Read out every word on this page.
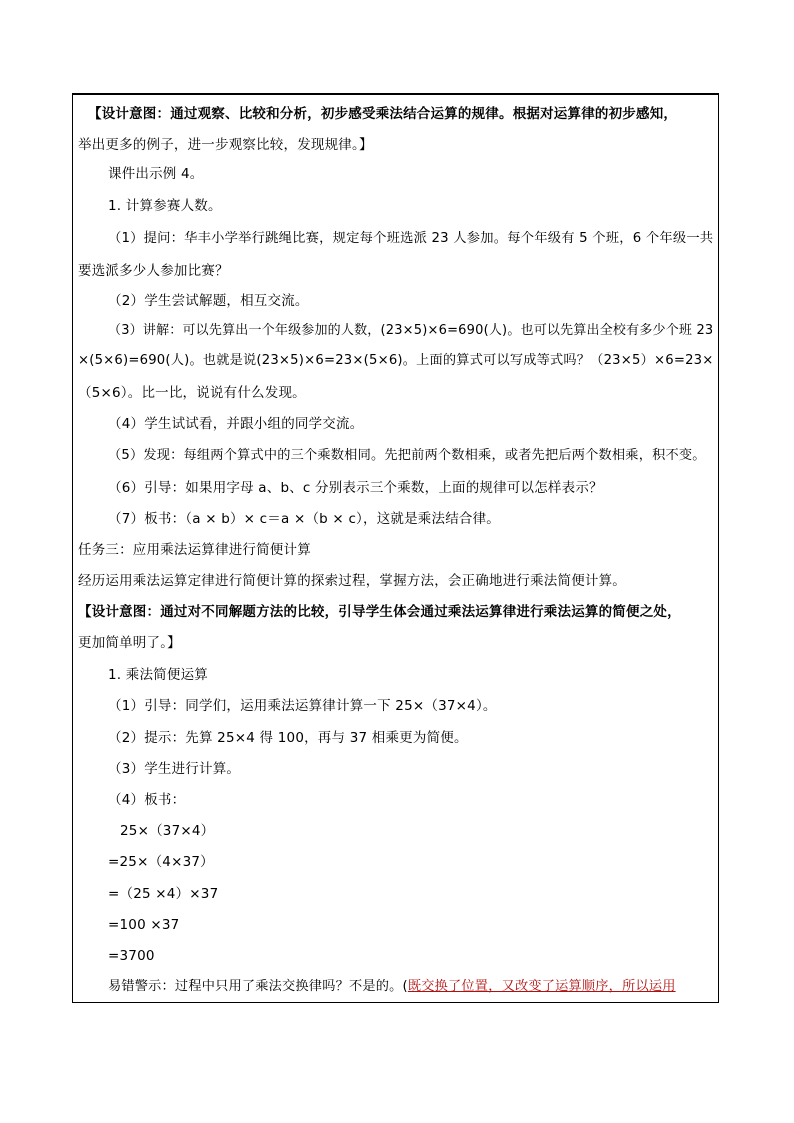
【设计意图：通过观察、比较和分析，初步感受乘法结合运算的规律。根据对运算律的初步感知，
举出更多的例子，进一步观察比较，发现规律。】
课件出示例 4。
1. 计算参赛人数。
（1）提问：华丰小学举行跳绳比赛，规定每个班选派 23 人参加。每个年级有 5 个班，6 个年级一共
要选派多少人参加比赛？
（2）学生尝试解题，相互交流。
（3）讲解：可以先算出一个年级参加的人数，(23×5)×6=690(人)。也可以先算出全校有多少个班 23
×(5×6)=690(人)。也就是说(23×5)×6=23×(5×6)。上面的算式可以写成等式吗？（23×5）×6=23×
（5×6）。比一比，说说有什么发现。
（4）学生试试看，并跟小组的同学交流。
（5）发现：每组两个算式中的三个乘数相同。先把前两个数相乘，或者先把后两个数相乘，积不变。
（6）引导：如果用字母 a、b、c 分别表示三个乘数，上面的规律可以怎样表示？
（7）板书：（a × b）× c＝a ×（b × c），这就是乘法结合律。
任务三：应用乘法运算律进行简便计算
经历运用乘法运算定律进行简便计算的探索过程，掌握方法，会正确地进行乘法简便计算。
【设计意图：通过对不同解题方法的比较，引导学生体会通过乘法运算律进行乘法运算的简便之处，
更加简单明了。】
1. 乘法简便运算
（1）引导：同学们，运用乘法运算律计算一下 25×（37×4）。
（2）提示：先算 25×4 得 100，再与 37 相乘更为简便。
（3）学生进行计算。
（4）板书：
25×（37×4）
=25×（4×37）
=（25 ×4）×37
=100 ×37
=3700
易错警示：过程中只用了乘法交换律吗？不是的。(既交换了位置，又改变了运算顺序，所以运用
